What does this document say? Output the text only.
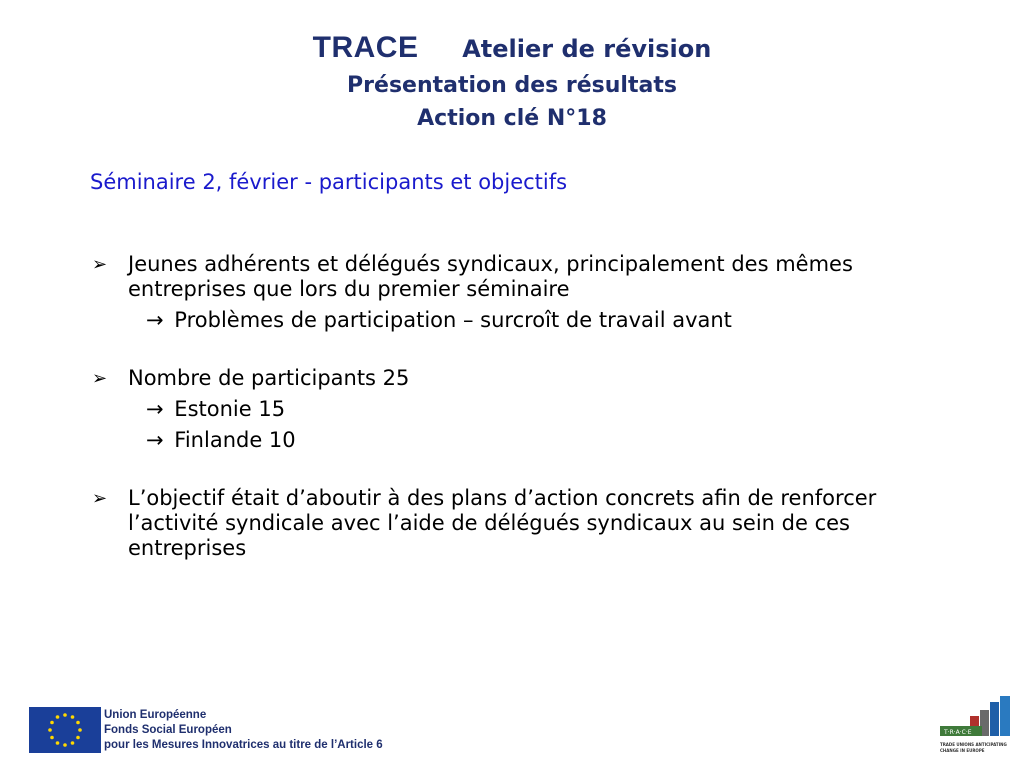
TRACE Atelier de révision
Présentation des résultats
Action clé N°18
Séminaire 2, février - participants et objectifs
➢ Jeunes adhérents et délégués syndicaux, principalement des mêmes entreprises que lors du premier séminaire
→ Problèmes de participation – surcroît de travail avant
➢ Nombre de participants 25
→ Estonie 15
→ Finlande 10
➢ L’objectif était d’aboutir à des plans d’action concrets afin de renforcer l’activité syndicale avec l’aide de délégués syndicaux au sein de ces entreprises
Union Européenne
Fonds Social Européen
pour les Mesures Innovatrices au titre de l’Article 6
T·R·A·C·E
TRADE UNIONS ANTICIPATING
CHANGE IN EUROPE
